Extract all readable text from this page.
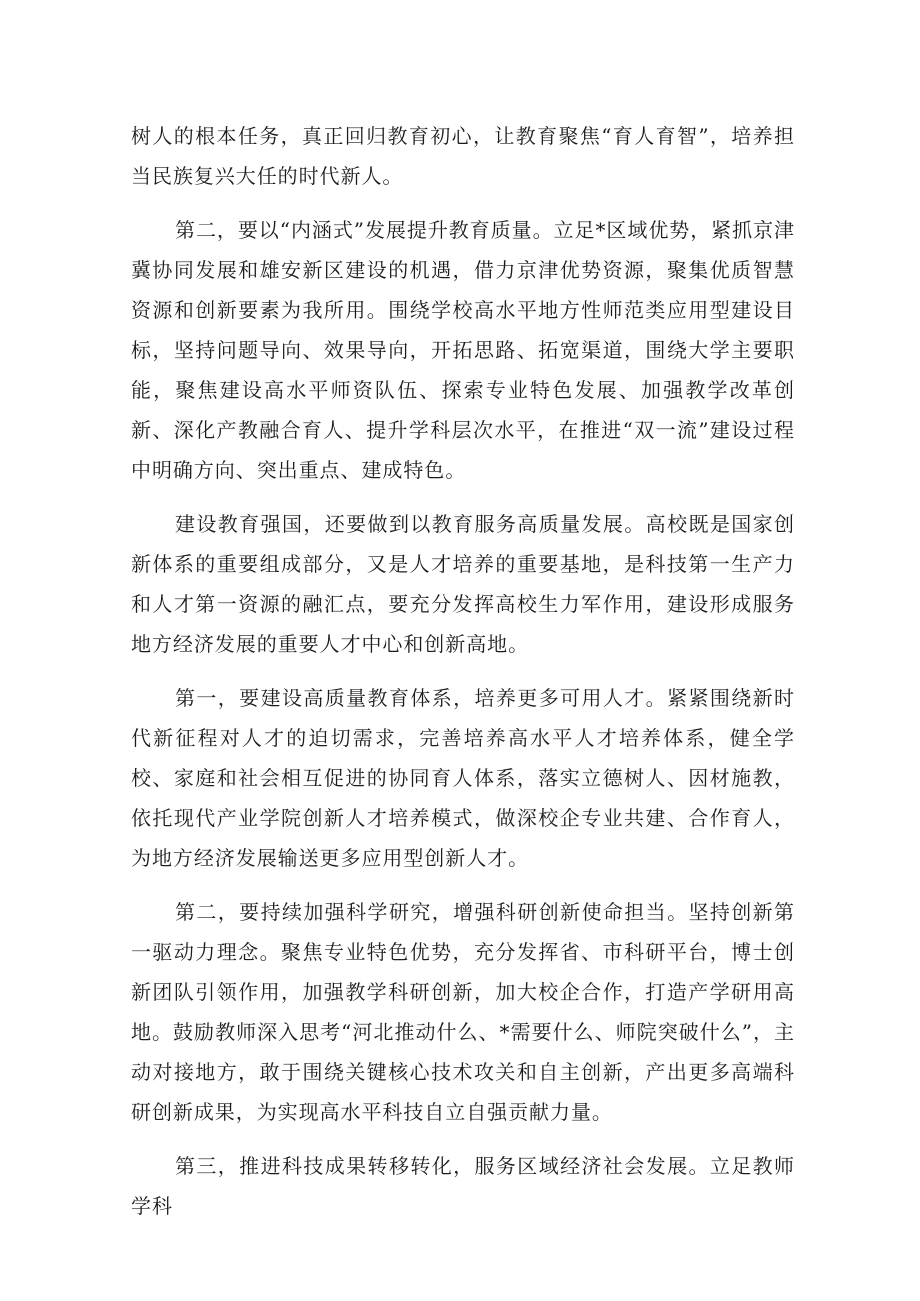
树人的根本任务，真正回归教育初心，让教育聚焦“育人育智”，培养担当民族复兴大任的时代新人。

第二，要以“内涵式”发展提升教育质量。立足*区域优势，紧抓京津冀协同发展和雄安新区建设的机遇，借力京津优势资源，聚集优质智慧资源和创新要素为我所用。围绕学校高水平地方性师范类应用型建设目标，坚持问题导向、效果导向，开拓思路、拓宽渠道，围绕大学主要职能，聚焦建设高水平师资队伍、探索专业特色发展、加强教学改革创新、深化产教融合育人、提升学科层次水平，在推进“双一流”建设过程中明确方向、突出重点、建成特色。

建设教育强国，还要做到以教育服务高质量发展。高校既是国家创新体系的重要组成部分，又是人才培养的重要基地，是科技第一生产力和人才第一资源的融汇点，要充分发挥高校生力军作用，建设形成服务地方经济发展的重要人才中心和创新高地。

第一，要建设高质量教育体系，培养更多可用人才。紧紧围绕新时代新征程对人才的迫切需求，完善培养高水平人才培养体系，健全学校、家庭和社会相互促进的协同育人体系，落实立德树人、因材施教，依托现代产业学院创新人才培养模式，做深校企专业共建、合作育人，为地方经济发展输送更多应用型创新人才。

第二，要持续加强科学研究，增强科研创新使命担当。坚持创新第一驱动力理念。聚焦专业特色优势，充分发挥省、市科研平台，博士创新团队引领作用，加强教学科研创新，加大校企合作，打造产学研用高地。鼓励教师深入思考“河北推动什么、*需要什么、师院突破什么”，主动对接地方，敢于围绕关键核心技术攻关和自主创新，产出更多高端科研创新成果，为实现高水平科技自立自强贡献力量。

第三，推进科技成果转移转化，服务区域经济社会发展。立足教师学科
